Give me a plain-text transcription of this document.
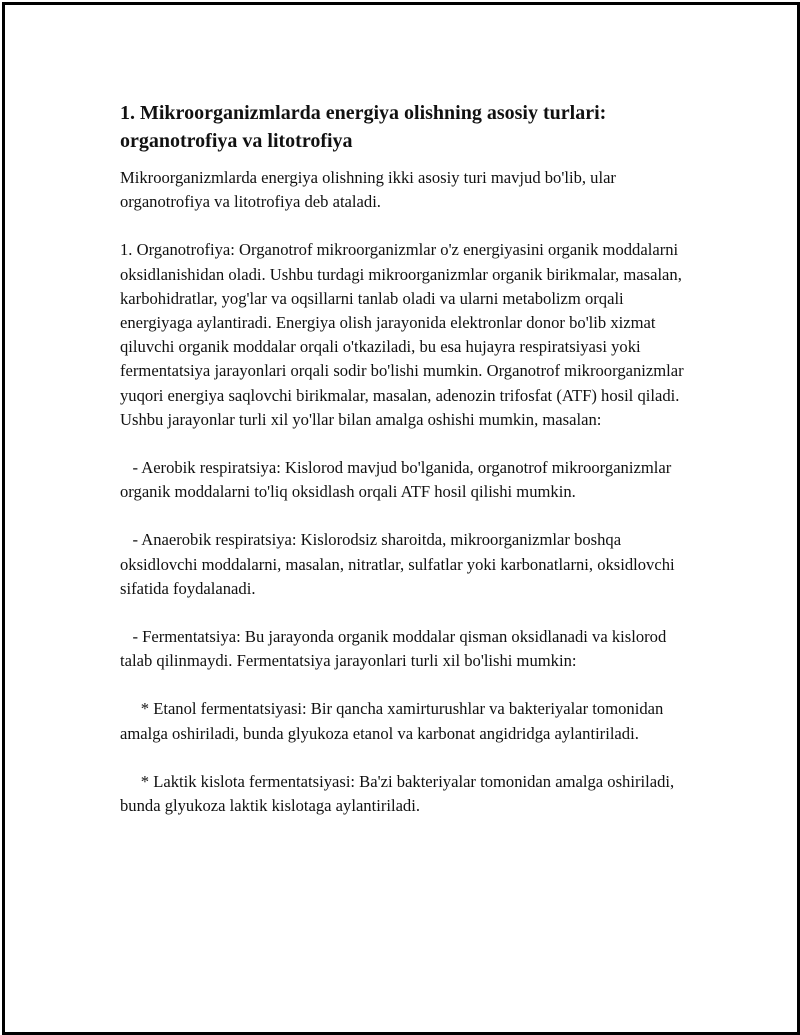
1. Mikroorganizmlarda energiya olishning asosiy turlari: organotrofiya va litotrofiya

Mikroorganizmlarda energiya olishning ikki asosiy turi mavjud bo'lib, ular organotrofiya va litotrofiya deb ataladi.

1. Organotrofiya: Organotrof mikroorganizmlar o'z energiyasini organik moddalarni oksidlanishidan oladi. Ushbu turdagi mikroorganizmlar organik birikmalar, masalan, karbohidratlar, yog'lar va oqsillarni tanlab oladi va ularni metabolizm orqali energiyaga aylantiradi. Energiya olish jarayonida elektronlar donor bo'lib xizmat qiluvchi organik moddalar orqali o'tkaziladi, bu esa hujayra respiratsiyasi yoki fermentatsiya jarayonlari orqali sodir bo'lishi mumkin. Organotrof mikroorganizmlar yuqori energiya saqlovchi birikmalar, masalan, adenozin trifosfat (ATF) hosil qiladi. Ushbu jarayonlar turli xil yo'llar bilan amalga oshishi mumkin, masalan:

- Aerobik respiratsiya: Kislorod mavjud bo'lganida, organotrof mikroorganizmlar organik moddalarni to'liq oksidlash orqali ATF hosil qilishi mumkin.

- Anaerobik respiratsiya: Kislorodsiz sharoitda, mikroorganizmlar boshqa oksidlovchi moddalarni, masalan, nitratlar, sulfatlar yoki karbonatlarni, oksidlovchi sifatida foydalanadi.

- Fermentatsiya: Bu jarayonda organik moddalar qisman oksidlanadi va kislorod talab qilinmaydi. Fermentatsiya jarayonlari turli xil bo'lishi mumkin:

* Etanol fermentatsiyasi: Bir qancha xamirturushlar va bakteriyalar tomonidan amalga oshiriladi, bunda glyukoza etanol va karbonat angidridga aylantiriladi.

* Laktik kislota fermentatsiyasi: Ba'zi bakteriyalar tomonidan amalga oshiriladi, bunda glyukoza laktik kislotaga aylantiriladi.
